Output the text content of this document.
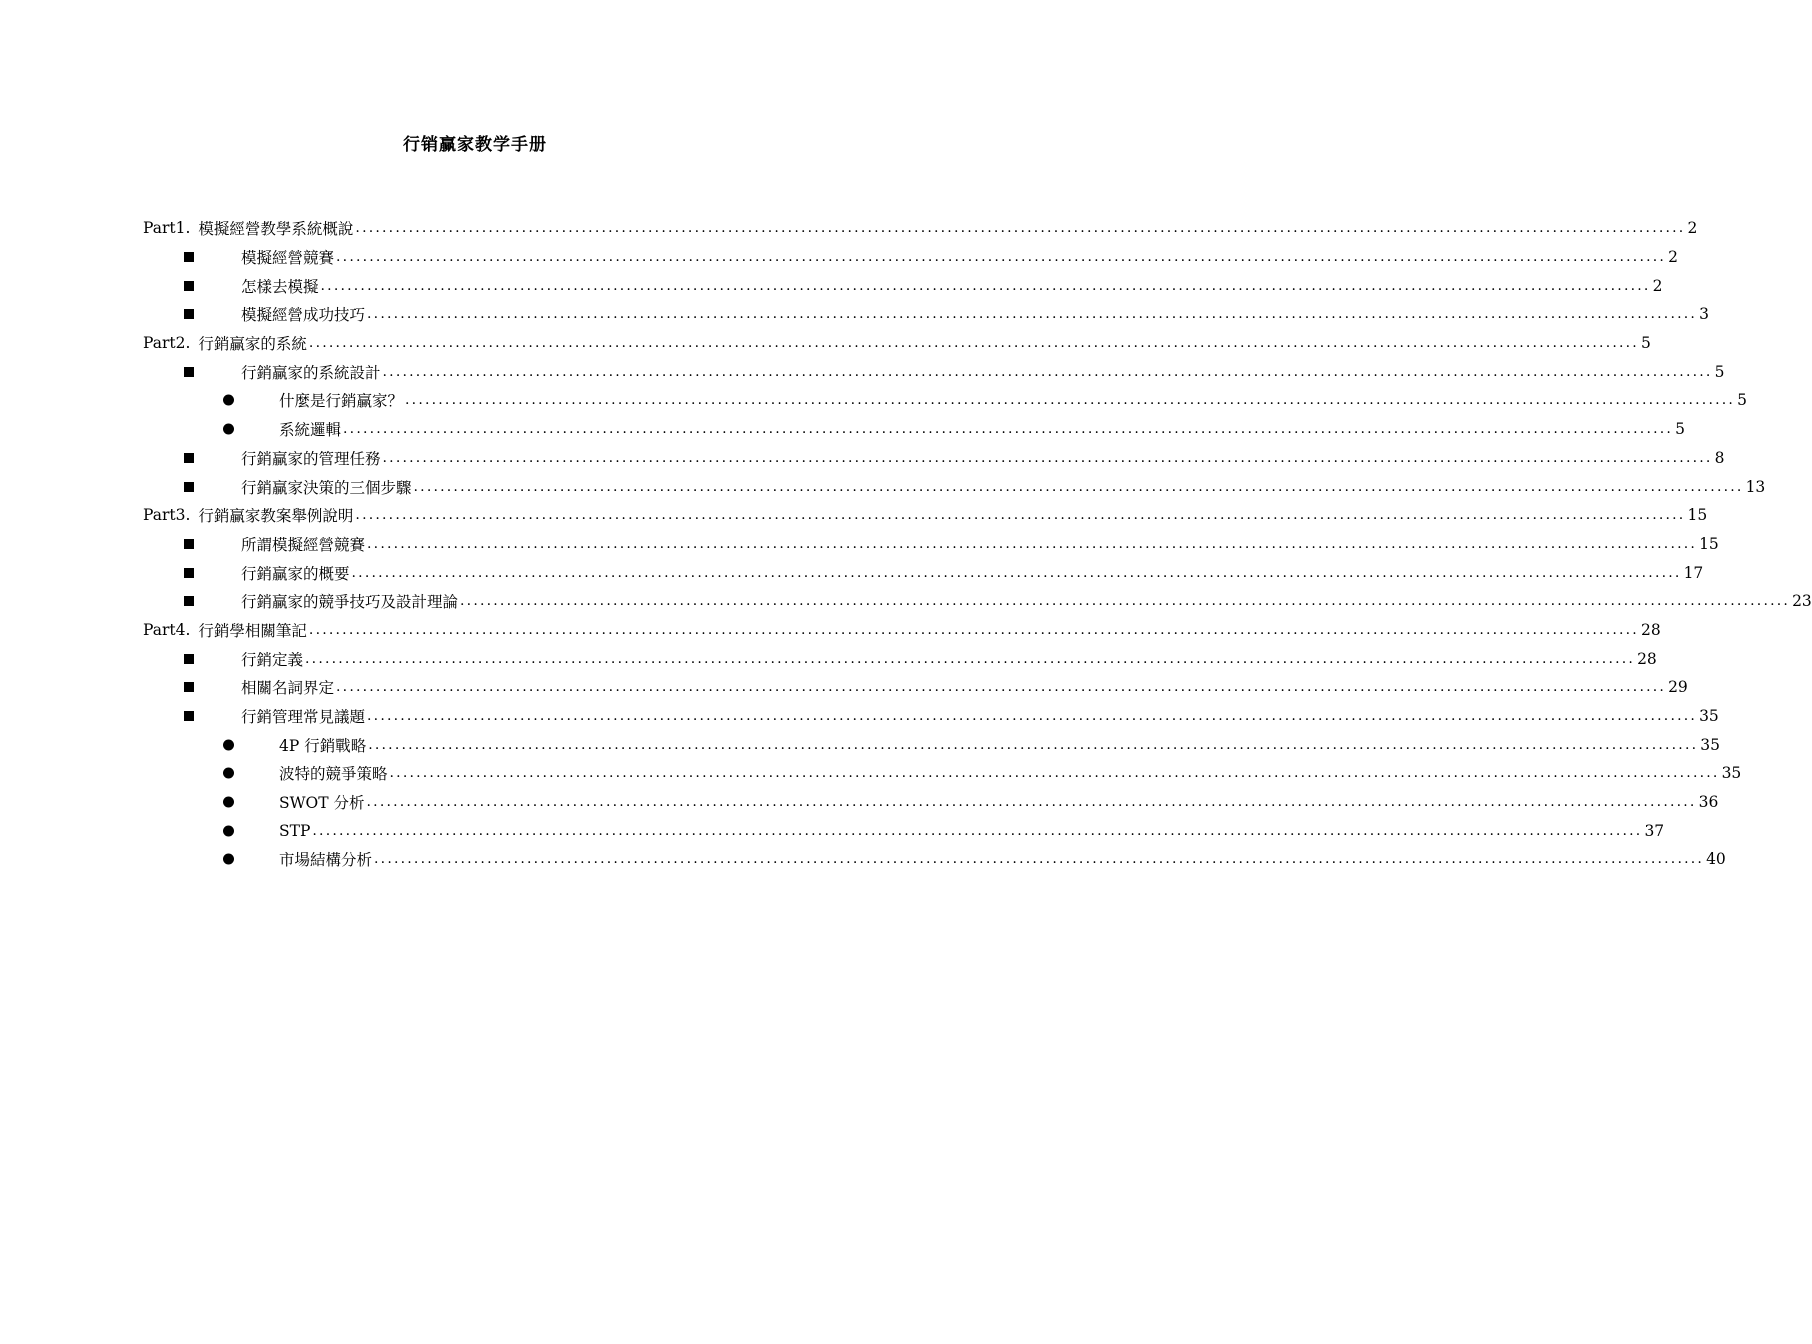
行销赢家教学手册
Part1. 模擬經營教學系統概說 ........................................................................................................................................................................................................ 2
模擬經營競賽 ........................................................................................................................................................................................................ 2
怎樣去模擬 ........................................................................................................................................................................................................ 2
模擬經營成功技巧 ........................................................................................................................................................................................................ 3
Part2. 行銷贏家的系統 ........................................................................................................................................................................................................ 5
行銷贏家的系統設計 ........................................................................................................................................................................................................ 5
什麼是行銷贏家？ ........................................................................................................................................................................................................ 5
系統邏輯 ........................................................................................................................................................................................................ 5
行銷贏家的管理任務 ........................................................................................................................................................................................................ 8
行銷贏家決策的三個步驟 ........................................................................................................................................................................................................ 13
Part3. 行銷贏家教案舉例說明 ........................................................................................................................................................................................................ 15
所謂模擬經營競賽 ........................................................................................................................................................................................................ 15
行銷贏家的概要 ........................................................................................................................................................................................................ 17
行銷贏家的競爭技巧及設計理論 ........................................................................................................................................................................................................ 23
Part4. 行銷學相關筆記 ........................................................................................................................................................................................................ 28
行銷定義 ........................................................................................................................................................................................................ 28
相關名詞界定 ........................................................................................................................................................................................................ 29
行銷管理常見議題 ........................................................................................................................................................................................................ 35
4P 行銷戰略 ........................................................................................................................................................................................................ 35
波特的競爭策略 ........................................................................................................................................................................................................ 35
SWOT 分析 ........................................................................................................................................................................................................ 36
STP ........................................................................................................................................................................................................ 37
市場結構分析 ........................................................................................................................................................................................................ 40
